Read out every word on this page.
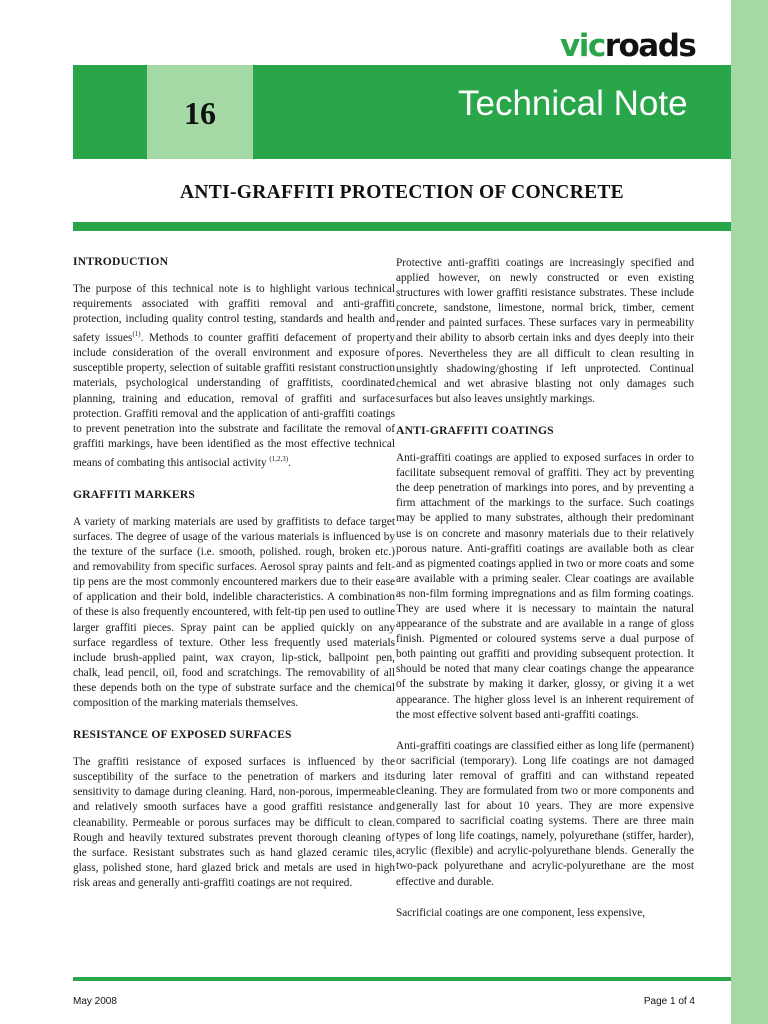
vicroads
16	Technical Note
ANTI-GRAFFITI PROTECTION OF CONCRETE
INTRODUCTION

The purpose of this technical note is to highlight various technical requirements associated with graffiti removal and anti-graffiti protection, including quality control testing, standards and health and safety issues$^{(1)}$. Methods to counter graffiti defacement of property include consideration of the overall environment and exposure of susceptible property, selection of suitable graffiti resistant construction materials, psychological understanding of graffitists, coordinated planning, training and education, removal of graffiti and surface protection. Graffiti removal and the application of anti-graffiti coatings to prevent penetration into the substrate and facilitate the removal of graffiti markings, have been identified as the most effective technical means of combating this antisocial activity $^{(1,2,3)}$.

GRAFFITI MARKERS

A variety of marking materials are used by graffitists to deface target surfaces. The degree of usage of the various materials is influenced by the texture of the surface (i.e. smooth, polished. rough, broken etc.) and removability from specific surfaces. Aerosol spray paints and felt-tip pens are the most commonly encountered markers due to their ease of application and their bold, indelible characteristics. A combination of these is also frequently encountered, with felt-tip pen used to outline larger graffiti pieces. Spray paint can be applied quickly on any surface regardless of texture. Other less frequently used materials include brush-applied paint, wax crayon, lip-stick, ballpoint pen, chalk, lead pencil, oil, food and scratchings. The removability of all these depends both on the type of substrate surface and the chemical composition of the marking materials themselves.

RESISTANCE OF EXPOSED SURFACES

The graffiti resistance of exposed surfaces is influenced by the susceptibility of the surface to the penetration of markers and its sensitivity to damage during cleaning. Hard, non-porous, impermeable and relatively smooth surfaces have a good graffiti resistance and cleanability. Permeable or porous surfaces may be difficult to clean. Rough and heavily textured substrates prevent thorough cleaning of the surface. Resistant substrates such as hand glazed ceramic tiles, glass, polished stone, hard glazed brick and metals are used in high risk areas and generally anti-graffiti coatings are not required.

Protective anti-graffiti coatings are increasingly specified and applied however, on newly constructed or even existing structures with lower graffiti resistance substrates. These include concrete, sandstone, limestone, normal brick, timber, cement render and painted surfaces. These surfaces vary in permeability and their ability to absorb certain inks and dyes deeply into their pores. Nevertheless they are all difficult to clean resulting in unsightly shadowing/ghosting if left unprotected. Continual chemical and wet abrasive blasting not only damages such surfaces but also leaves unsightly markings.

ANTI-GRAFFITI COATINGS

Anti-graffiti coatings are applied to exposed surfaces in order to facilitate subsequent removal of graffiti. They act by preventing the deep penetration of markings into pores, and by preventing a firm attachment of the markings to the surface. Such coatings may be applied to many substrates, although their predominant use is on concrete and masonry materials due to their relatively porous nature. Anti-graffiti coatings are available both as clear and as pigmented coatings applied in two or more coats and some are available with a priming sealer. Clear coatings are available as non-film forming impregnations and as film forming coatings. They are used where it is necessary to maintain the natural appearance of the substrate and are available in a range of gloss finish. Pigmented or coloured systems serve a dual purpose of both painting out graffiti and providing subsequent protection. It should be noted that many clear coatings change the appearance of the substrate by making it darker, glossy, or giving it a wet appearance. The higher gloss level is an inherent requirement of the most effective solvent based anti-graffiti coatings.

Anti-graffiti coatings are classified either as long life (permanent) or sacrificial (temporary). Long life coatings are not damaged during later removal of graffiti and can withstand repeated cleaning. They are formulated from two or more components and generally last for about 10 years. They are more expensive compared to sacrificial coating systems. There are three main types of long life coatings, namely, polyurethane (stiffer, harder), acrylic (flexible) and acrylic-polyurethane blends. Generally the two-pack polyurethane and acrylic-polyurethane are the most effective and durable.

Sacrificial coatings are one component, less expensive,

May 2008	Page 1 of 4
